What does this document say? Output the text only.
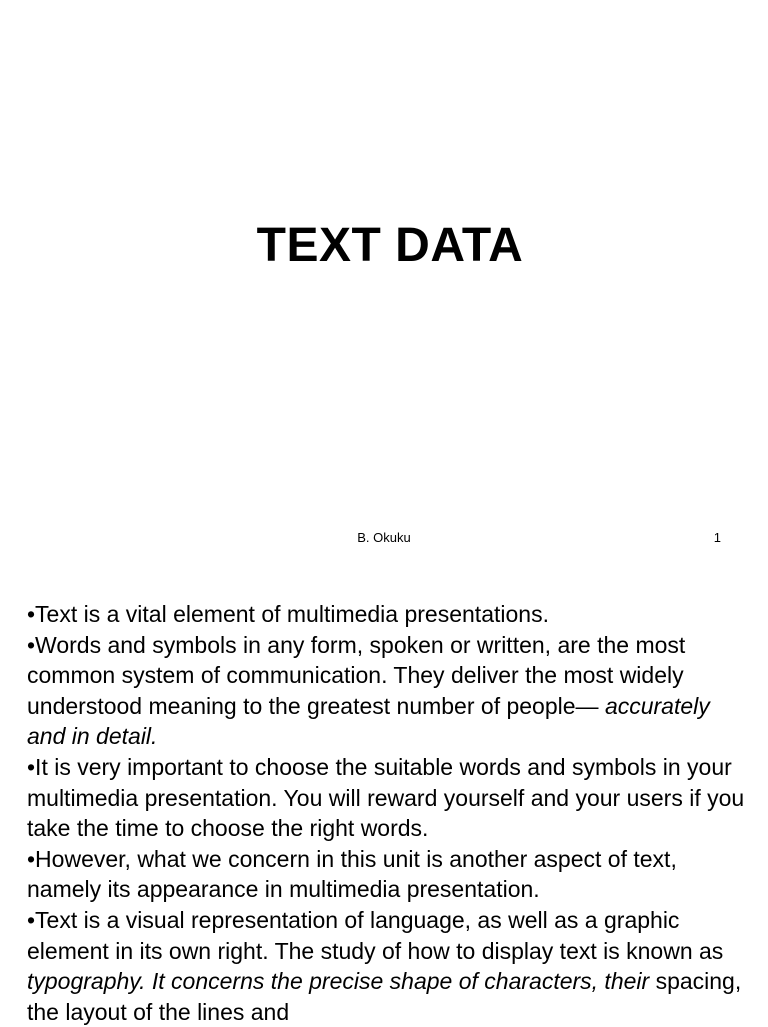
TEXT DATA
B. Okuku	1

•Text is a vital element of multimedia presentations.

•Words and symbols in any form, spoken or written, are the most common system of communication. They deliver the most widely understood meaning to the greatest number of people— accurately and in detail.

•It is very important to choose the suitable words and symbols in your multimedia presentation. You will reward yourself and your users if you take the time to choose the right words.

•However, what we concern in this unit is another aspect of text, namely its appearance in multimedia presentation.

•Text is a visual representation of language, as well as a graphic element in its own right. The study of how to display text is known as typography. It concerns the precise shape of characters, their spacing, the layout of the lines and
